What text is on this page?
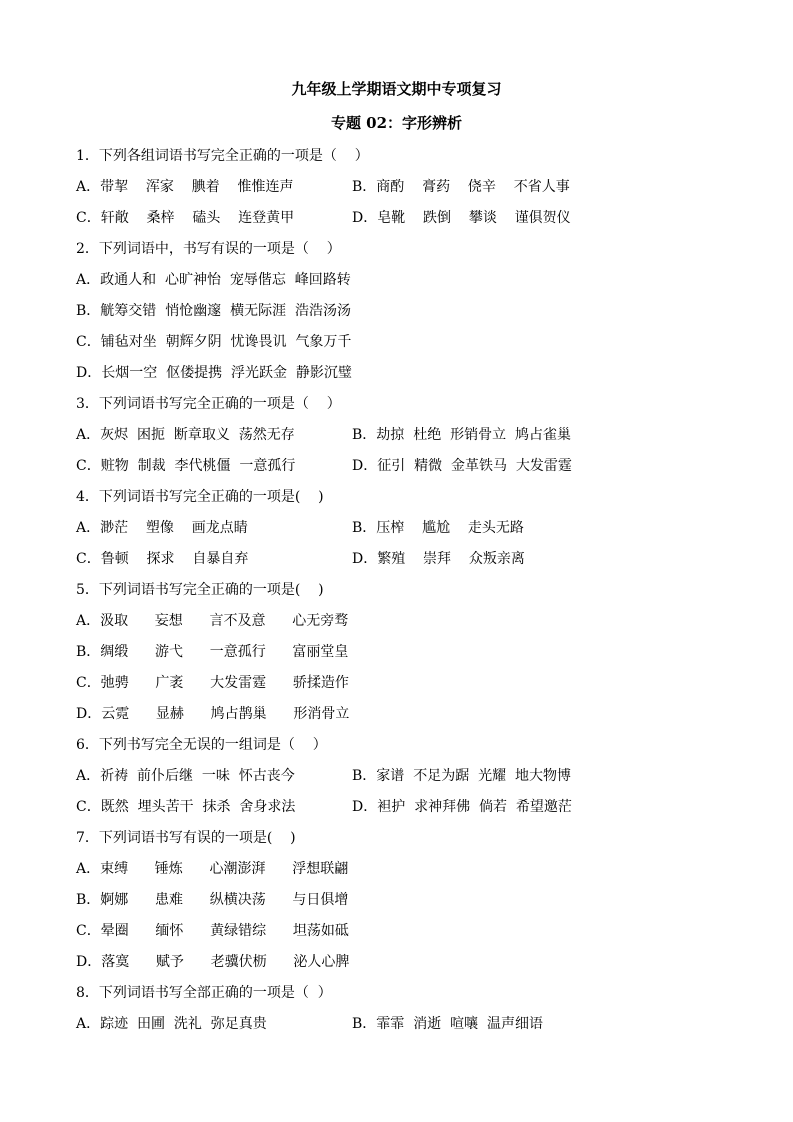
九年级上学期语文期中专项复习
专题 02：字形辨析
1．下列各组词语书写完全正确的一项是（    ）
A．带挈    浑家    腆着    惟惟连声	B．商酌    膏药    侥辛    不省人事
C．轩敞    桑梓    磕头    连登黄甲	D．皂靴    跌倒    攀谈    谨俱贺仪
2．下列词语中，书写有误的一项是（    ）
A．政通人和  心旷神怡  宠辱偕忘  峰回路转
B．觥筹交错  悄怆幽邃  横无际涯  浩浩汤汤
C．铺毡对坐  朝辉夕阴  忧谗畏讥  气象万千
D．长烟一空  伛偻提携  浮光跃金  静影沉璧
3．下列词语书写完全正确的一项是（    ）
A．灰烬  困扼  断章取义  荡然无存	B．劫掠  杜绝  形销骨立  鸠占雀巢
C．赃物  制裁  李代桃僵  一意孤行	D．征引  精微  金革铁马  大发雷霆
4．下列词语书写完全正确的一项是(    )
A．渺茫    塑像    画龙点睛	B．压榨    尴尬    走头无路
C．鲁顿    探求    自暴自弃	D．繁殖    崇拜    众叛亲离
5．下列词语书写完全正确的一项是(    )
A．汲取      妄想      言不及意      心无旁骛
B．绸缎      游弋      一意孤行      富丽堂皇
C．弛骋      广袤      大发雷霆      骄揉造作
D．云霓      显赫      鸠占鹊巢      形消骨立
6．下列书写完全无误的一组词是（    ）
A．祈祷  前仆后继  一味  怀古丧今	B．家谱  不足为踞  光耀  地大物博
C．既然  埋头苦干  抹杀  舍身求法	D．袒护  求神拜佛  倘若  希望邀茫
7．下列词语书写有误的一项是(    )
A．束缚      锤炼      心潮澎湃      浮想联翩
B．婀娜      患难      纵横决荡      与日俱增
C．晕圈      缅怀      黄绿错综      坦荡如砥
D．落寞      赋予      老骥伏枥      泌人心脾
8．下列词语书写全部正确的一项是（  ）
A．踪迹  田圃  洗礼  弥足真贵	B．霏霏  消逝  喧嚷  温声细语
